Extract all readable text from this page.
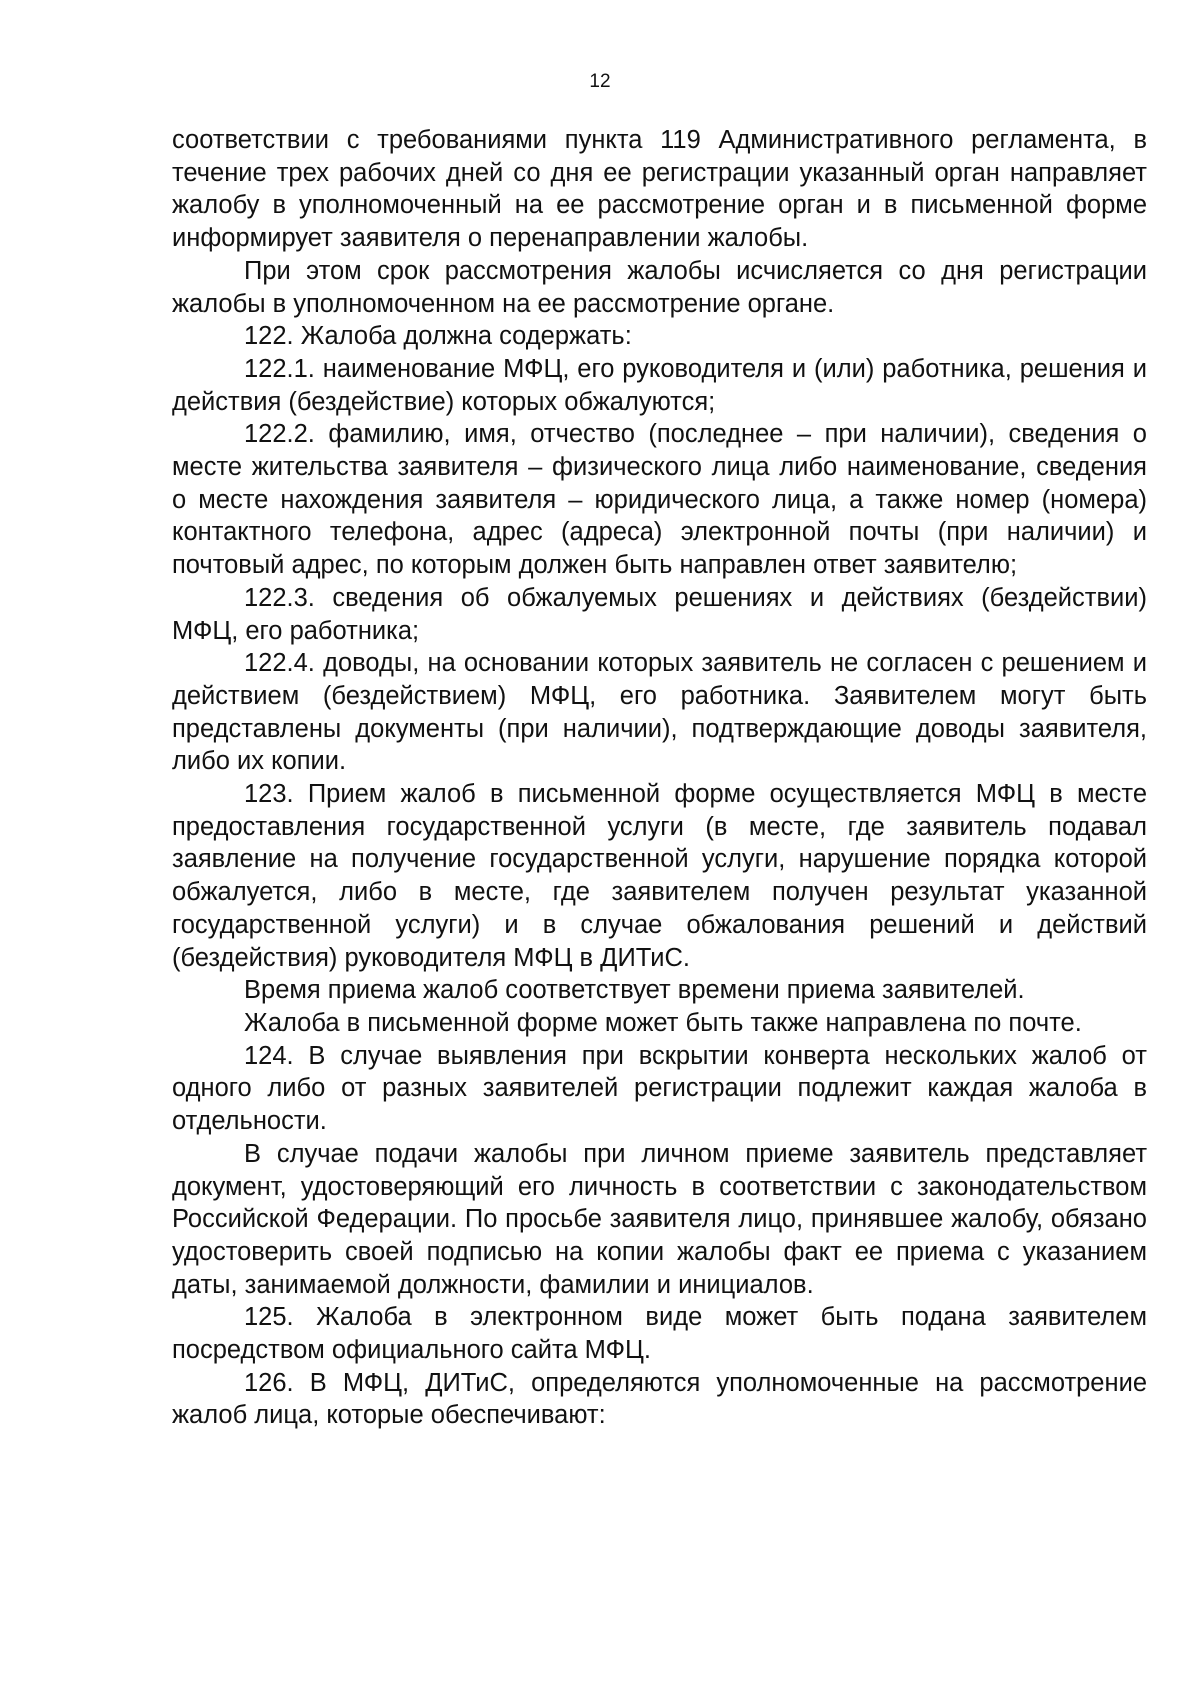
12

соответствии с требованиями пункта 119 Административного регламента, в течение трех рабочих дней со дня ее регистрации указанный орган направляет жалобу в уполномоченный на ее рассмотрение орган и в письменной форме информирует заявителя о перенаправлении жалобы.

При этом срок рассмотрения жалобы исчисляется со дня регистрации жалобы в уполномоченном на ее рассмотрение органе.

122. Жалоба должна содержать:

122.1. наименование МФЦ, его руководителя и (или) работника, решения и действия (бездействие) которых обжалуются;

122.2. фамилию, имя, отчество (последнее – при наличии), сведения о месте жительства заявителя – физического лица либо наименование, сведения о месте нахождения заявителя – юридического лица, а также номер (номера) контактного телефона, адрес (адреса) электронной почты (при наличии) и почтовый адрес, по которым должен быть направлен ответ заявителю;

122.3. сведения об обжалуемых решениях и действиях (бездействии) МФЦ, его работника;

122.4. доводы, на основании которых заявитель не согласен с решением и действием (бездействием) МФЦ, его работника. Заявителем могут быть представлены документы (при наличии), подтверждающие доводы заявителя, либо их копии.

123. Прием жалоб в письменной форме осуществляется МФЦ в месте предоставления государственной услуги (в месте, где заявитель подавал заявление на получение государственной услуги, нарушение порядка которой обжалуется, либо в месте, где заявителем получен результат указанной государственной услуги) и в случае обжалования решений и действий (бездействия) руководителя МФЦ в ДИТиС.

Время приема жалоб соответствует времени приема заявителей.

Жалоба в письменной форме может быть также направлена по почте.

124. В случае выявления при вскрытии конверта нескольких жалоб от одного либо от разных заявителей регистрации подлежит каждая жалоба в отдельности.

В случае подачи жалобы при личном приеме заявитель представляет документ, удостоверяющий его личность в соответствии с законодательством Российской Федерации. По просьбе заявителя лицо, принявшее жалобу, обязано удостоверить своей подписью на копии жалобы факт ее приема с указанием даты, занимаемой должности, фамилии и инициалов.

125. Жалоба в электронном виде может быть подана заявителем посредством официального сайта МФЦ.

126. В МФЦ, ДИТиС, определяются уполномоченные на рассмотрение жалоб лица, которые обеспечивают:
